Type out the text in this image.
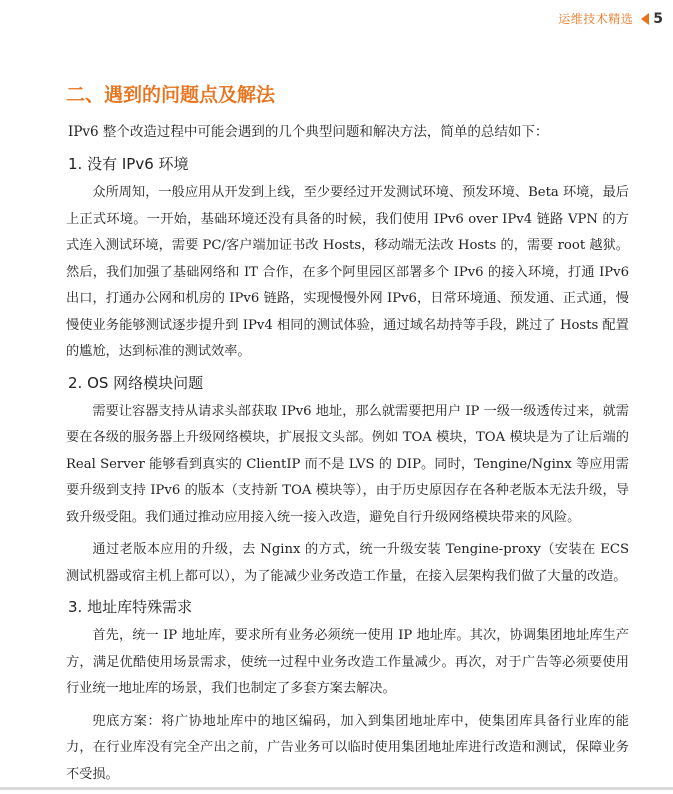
运维技术精选 5
二、遇到的问题点及解法

IPv6 整个改造过程中可能会遇到的几个典型问题和解决方法，简单的总结如下：

1. 没有 IPv6 环境

众所周知，一般应用从开发到上线，至少要经过开发测试环境、预发环境、Beta 环境，最后上正式环境。一开始，基础环境还没有具备的时候，我们使用 IPv6 over IPv4 链路 VPN 的方式连入测试环境，需要 PC/客户端加证书改 Hosts，移动端无法改 Hosts 的，需要 root 越狱。然后，我们加强了基础网络和 IT 合作，在多个阿里园区部署多个 IPv6 的接入环境，打通 IPv6 出口，打通办公网和机房的 IPv6 链路，实现慢慢外网 IPv6，日常环境通、预发通、正式通，慢慢使业务能够测试逐步提升到 IPv4 相同的测试体验，通过域名劫持等手段，跳过了 Hosts 配置的尴尬，达到标准的测试效率。

2. OS 网络模块问题

需要让容器支持从请求头部获取 IPv6 地址，那么就需要把用户 IP 一级一级透传过来，就需要在各级的服务器上升级网络模块，扩展报文头部。例如 TOA 模块，TOA 模块是为了让后端的 Real Server 能够看到真实的 ClientIP 而不是 LVS 的 DIP。同时，Tengine/Nginx 等应用需要升级到支持 IPv6 的版本（支持新 TOA 模块等），由于历史原因存在各种老版本无法升级，导致升级受阻。我们通过推动应用接入统一接入改造，避免自行升级网络模块带来的风险。

通过老版本应用的升级，去 Nginx 的方式，统一升级安装 Tengine-proxy（安装在 ECS 测试机器或宿主机上都可以），为了能减少业务改造工作量，在接入层架构我们做了大量的改造。

3. 地址库特殊需求

首先，统一 IP 地址库，要求所有业务必须统一使用 IP 地址库。其次，协调集团地址库生产方，满足优酷使用场景需求，使统一过程中业务改造工作量减少。再次，对于广告等必须要使用行业统一地址库的场景，我们也制定了多套方案去解决。

兜底方案：将广协地址库中的地区编码，加入到集团地址库中，使集团库具备行业库的能力，在行业库没有完全产出之前，广告业务可以临时使用集团地址库进行改造和测试，保障业务不受损。
